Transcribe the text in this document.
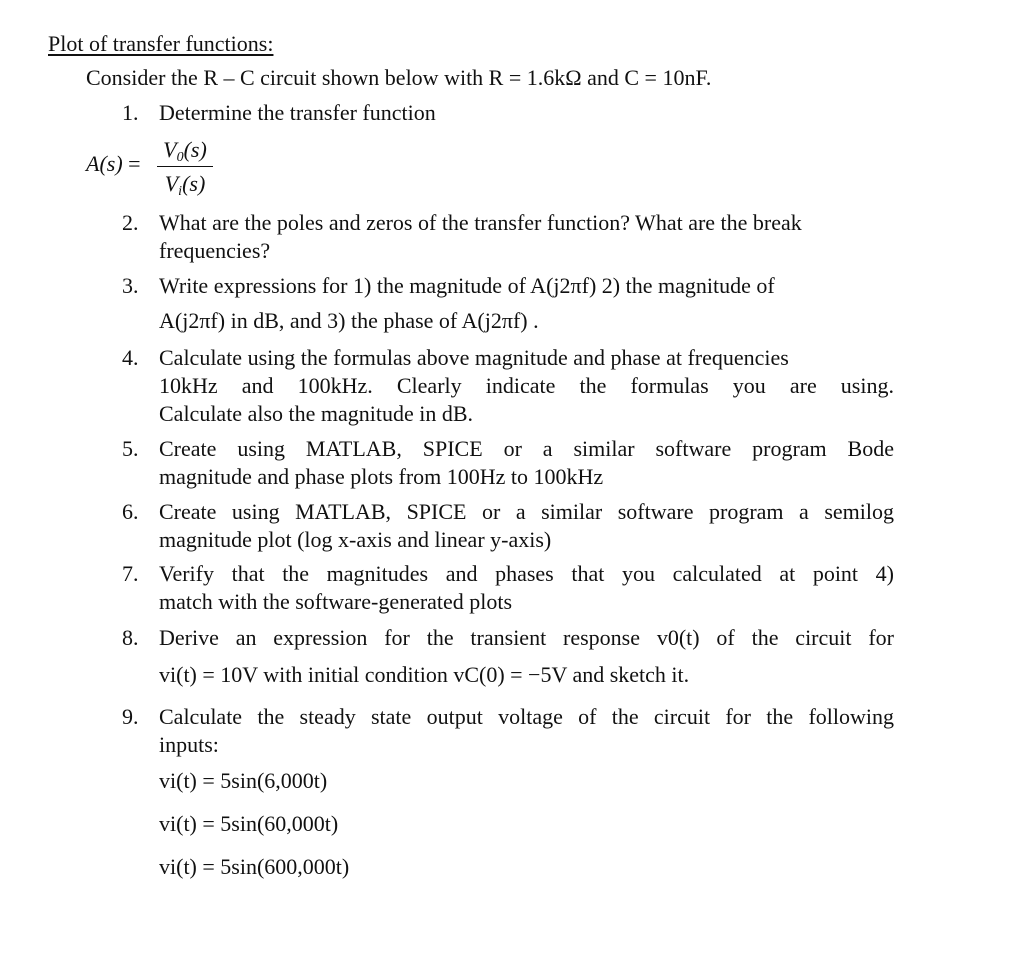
Plot of transfer functions:

Consider the R – C circuit shown below with R = 1.6kΩ and C = 10nF.

1. Determine the transfer function
A(s) =
$V_0(s)$
$V_i(s)$
2. What are the poles and zeros of the transfer function? What are the break
frequencies?
3. Write expressions for 1) the magnitude of A(j2πf) 2) the magnitude of
A(j2πf) in dB, and 3) the phase of A(j2πf) .
4. Calculate using the formulas above magnitude and phase at frequencies
10kHz and 100kHz. Clearly indicate the formulas you are using.
Calculate also the magnitude in dB.
5. Create using MATLAB, SPICE or a similar software program Bode
magnitude and phase plots from 100Hz to 100kHz
6. Create using MATLAB, SPICE or a similar software program a semilog
magnitude plot (log x-axis and linear y-axis)
7. Verify that the magnitudes and phases that you calculated at point 4)
match with the software-generated plots
8. Derive an expression for the transient response v0(t) of the circuit for
vi(t) = 10V with initial condition vC(0) = −5V and sketch it.
9. Calculate the steady state output voltage of the circuit for the following
inputs:
vi(t) = 5sin(6,000t)
vi(t) = 5sin(60,000t)
vi(t) = 5sin(600,000t)
